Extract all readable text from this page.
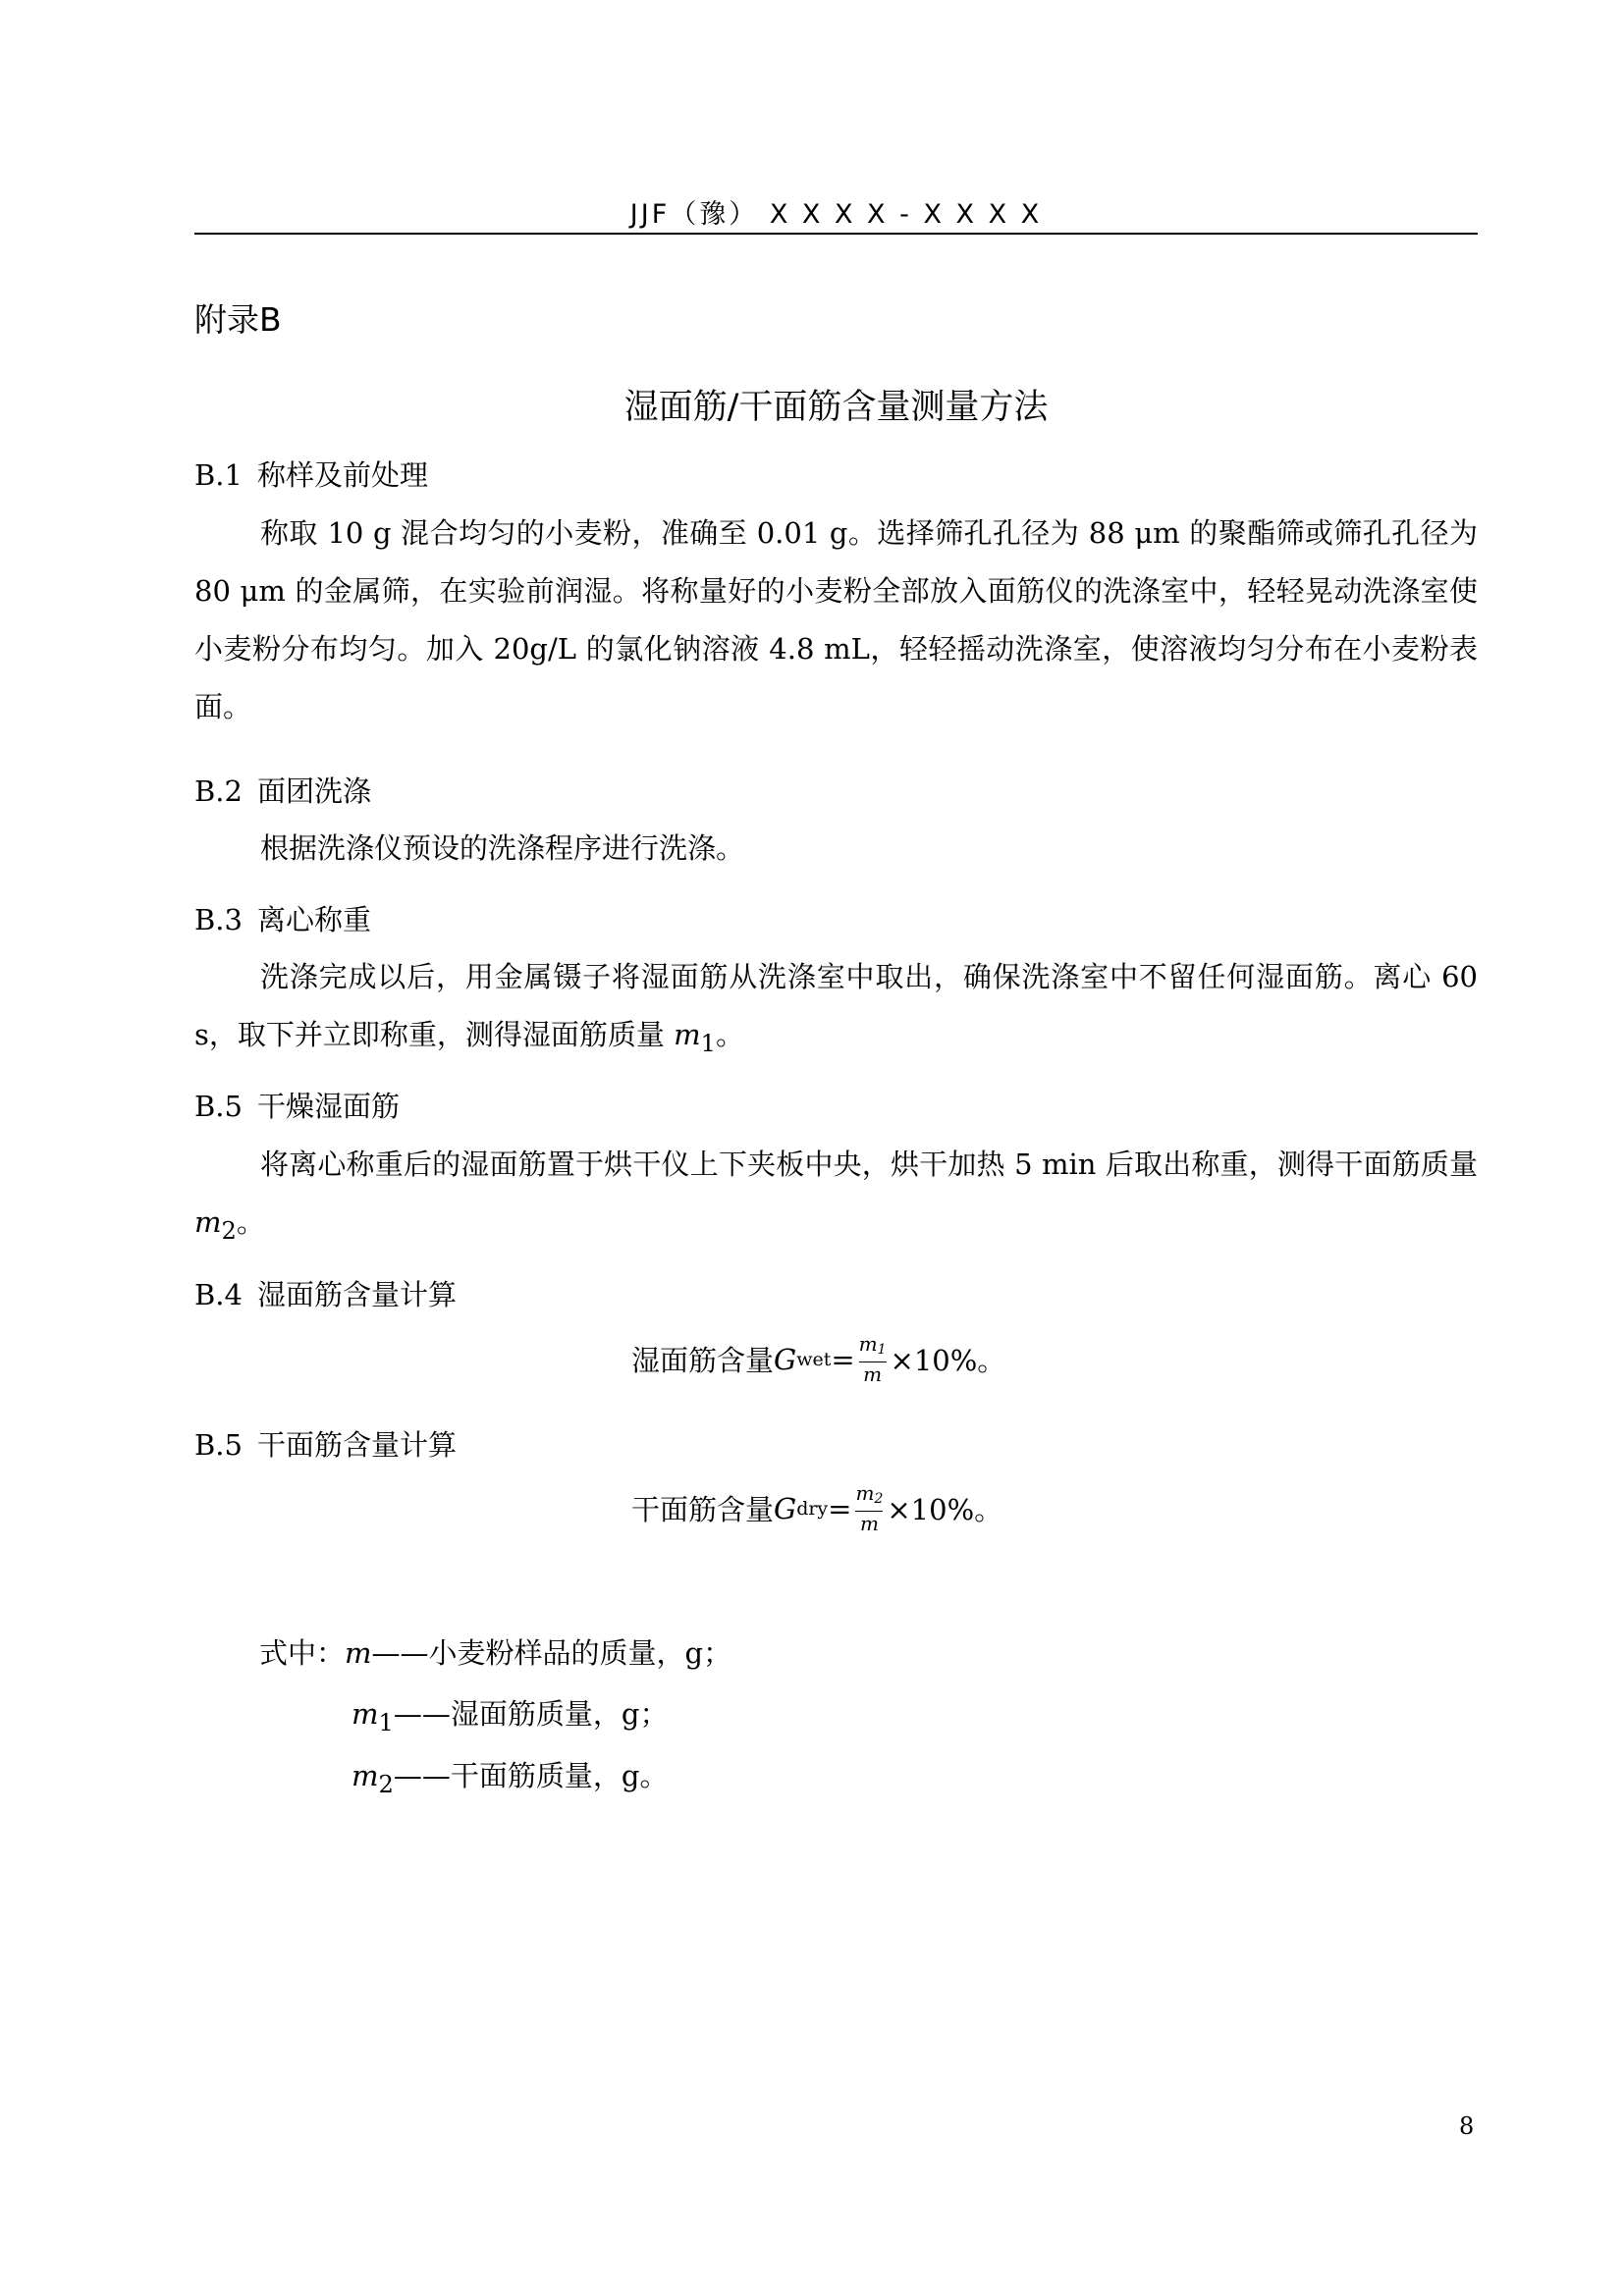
JJF（豫） X X X X - X X X X
附录B
湿面筋/干面筋含量测量方法
B.1 称样及前处理
称取 10 g 混合均匀的小麦粉，准确至 0.01 g。选择筛孔孔径为 88 μm 的聚酯筛或筛孔孔径为 80 μm 的金属筛，在实验前润湿。将称量好的小麦粉全部放入面筋仪的洗涤室中，轻轻晃动洗涤室使小麦粉分布均匀。加入 20g/L 的氯化钠溶液 4.8 mL，轻轻摇动洗涤室，使溶液均匀分布在小麦粉表面。
B.2 面团洗涤
根据洗涤仪预设的洗涤程序进行洗涤。
B.3 离心称重
洗涤完成以后，用金属镊子将湿面筋从洗涤室中取出，确保洗涤室中不留任何湿面筋。离心 60 s，取下并立即称重，测得湿面筋质量 $m_1$。
B.5 干燥湿面筋
将离心称重后的湿面筋置于烘干仪上下夹板中央，烘干加热 5 min 后取出称重，测得干面筋质量 $m_2$。
B.4 湿面筋含量计算
湿面筋含量 G wet = $\frac{m_1}{m} \times 10\%$。
B.5 干面筋含量计算
干面筋含量 G dry = $\frac{m_2}{m} \times 10\%$。
式中：m——小麦粉样品的质量，g；
$m_1——$湿面筋质量，g；
$m_2——$干面筋质量，g。
8
